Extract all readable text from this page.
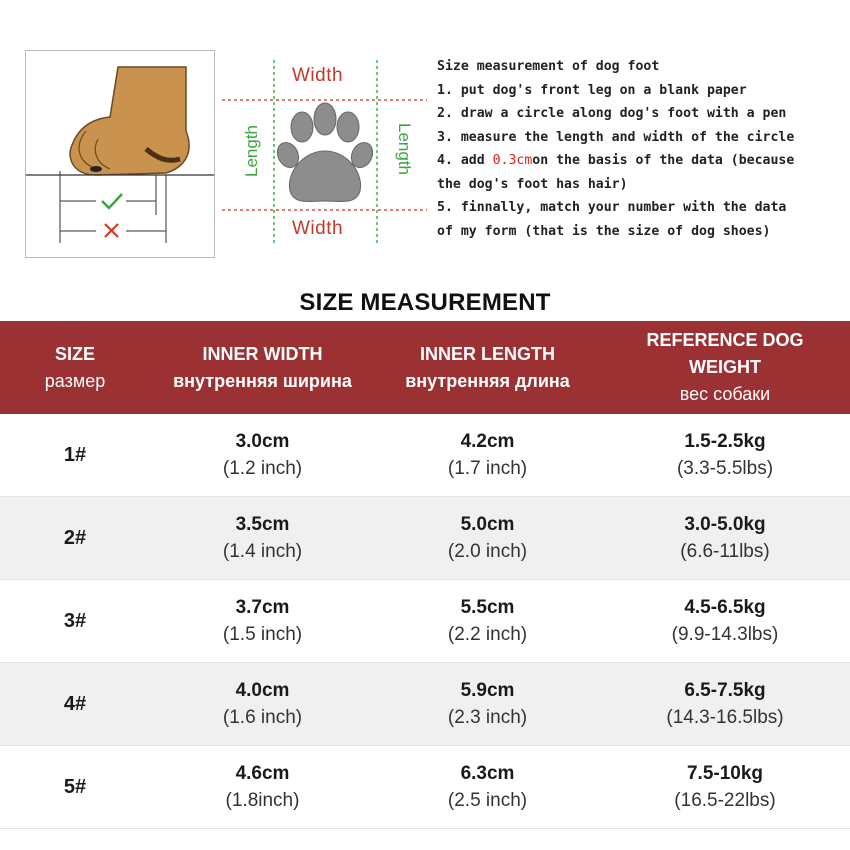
Width
Width
Length	Length
Size measurement of dog foot
1. put dog's front leg on a blank paper
2. draw a circle along dog's foot with a pen
3. measure the length and width of the circle
4. add 0.3cmon the basis of the data (because
the dog's foot has hair)
5. finnally, match your number with the data
of my form (that is the size of dog shoes)
SIZE MEASUREMENT
SIZE
размер
INNER WIDTH
внутренняя ширина
INNER LENGTH
внутренняя длина
REFERENCE DOG
WEIGHT
вес собаки
1#
3.0cm
(1.2 inch)
4.2cm
(1.7 inch)
1.5-2.5kg
(3.3-5.5lbs)
2#
3.5cm
(1.4 inch)
5.0cm
(2.0 inch)
3.0-5.0kg
(6.6-11lbs)
3#
3.7cm
(1.5 inch)
5.5cm
(2.2 inch)
4.5-6.5kg
(9.9-14.3lbs)
4#
4.0cm
(1.6 inch)
5.9cm
(2.3 inch)
6.5-7.5kg
(14.3-16.5lbs)
5#
4.6cm
(1.8inch)
6.3cm
(2.5 inch)
7.5-10kg
(16.5-22lbs)
